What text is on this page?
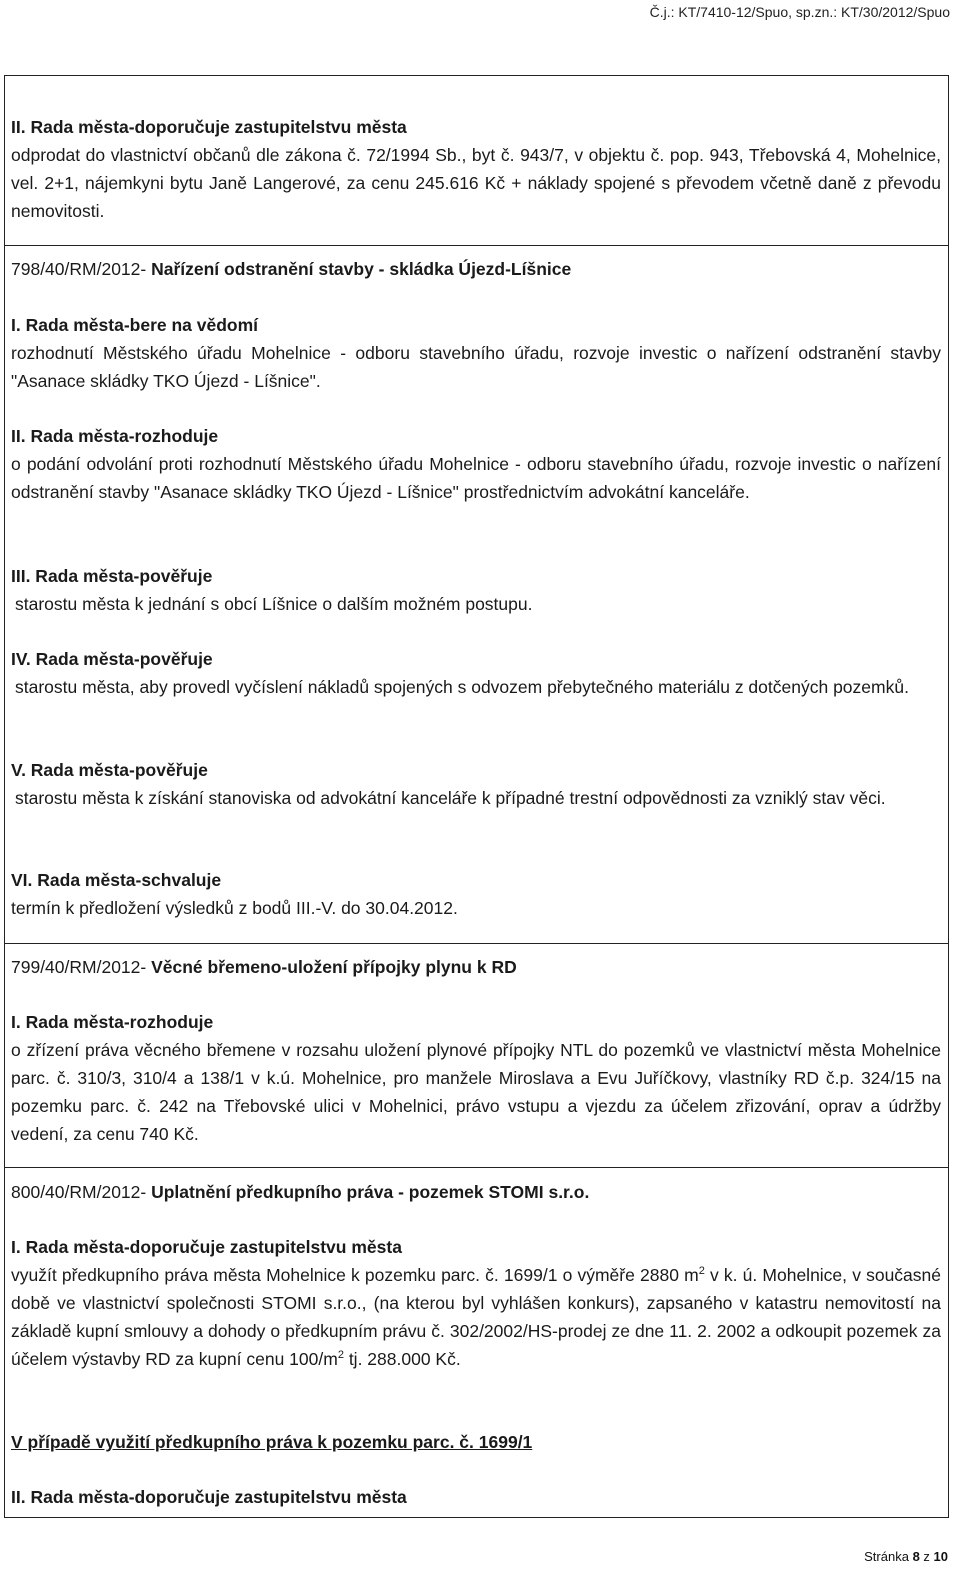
Č.j.: KT/7410-12/Spuo, sp.zn.: KT/30/2012/Spuo

II. Rada města-doporučuje zastupitelstvu města

odprodat do vlastnictví občanů dle zákona č. 72/1994 Sb., byt č. 943/7, v objektu č. pop. 943, Třebovská 4, Mohelnice, vel. 2+1, nájemkyni bytu Janě Langerové, za cenu 245.616 Kč + náklady spojené s převodem včetně daně z převodu nemovitosti.

798/40/RM/2012- Nařízení odstranění stavby - skládka Újezd-Líšnice

I. Rada města-bere na vědomí

rozhodnutí Městského úřadu Mohelnice - odboru stavebního úřadu, rozvoje investic o nařízení odstranění stavby "Asanace skládky TKO Újezd - Líšnice".

II. Rada města-rozhoduje

o podání odvolání proti rozhodnutí Městského úřadu Mohelnice - odboru stavebního úřadu, rozvoje investic o nařízení odstranění stavby "Asanace skládky TKO Újezd - Líšnice" prostřednictvím advokátní kanceláře.

III. Rada města-pověřuje

starostu města k jednání s obcí Líšnice o dalším možném postupu.

IV. Rada města-pověřuje

starostu města, aby provedl vyčíslení nákladů spojených s odvozem přebytečného materiálu z dotčených pozemků.

V. Rada města-pověřuje

starostu města k získání stanoviska od advokátní kanceláře k případné trestní odpovědnosti za vzniklý stav věci.

VI. Rada města-schvaluje

termín k předložení výsledků z bodů III.-V. do 30.04.2012.

799/40/RM/2012- Věcné břemeno-uložení přípojky plynu k RD

I. Rada města-rozhoduje

o zřízení práva věcného břemene v rozsahu uložení plynové přípojky NTL do pozemků ve vlastnictví města Mohelnice parc. č. 310/3, 310/4 a 138/1 v k.ú. Mohelnice, pro manžele Miroslava a Evu Juříčkovy, vlastníky RD č.p. 324/15 na pozemku parc. č. 242 na Třebovské ulici v Mohelnici, právo vstupu a vjezdu za účelem zřizování, oprav a údržby vedení, za cenu 740 Kč.

800/40/RM/2012- Uplatnění předkupního práva - pozemek STOMI s.r.o.

I. Rada města-doporučuje zastupitelstvu města

využít předkupního práva města Mohelnice k pozemku parc. č. 1699/1 o výměře 2880 $m^2$ v k. ú. Mohelnice, v současné době ve vlastnictví společnosti STOMI s.r.o., (na kterou byl vyhlášen konkurs), zapsaného v katastru nemovitostí na základě kupní smlouvy a dohody o předkupním právu č. 302/2002/HS-prodej ze dne 11. 2. 2002 a odkoupit pozemek za účelem výstavby RD za kupní cenu $100/m^2$ tj. 288.000 Kč.

V případě využití předkupního práva k pozemku parc. č. 1699/1

II. Rada města-doporučuje zastupitelstvu města

Stránka 8 z 10
